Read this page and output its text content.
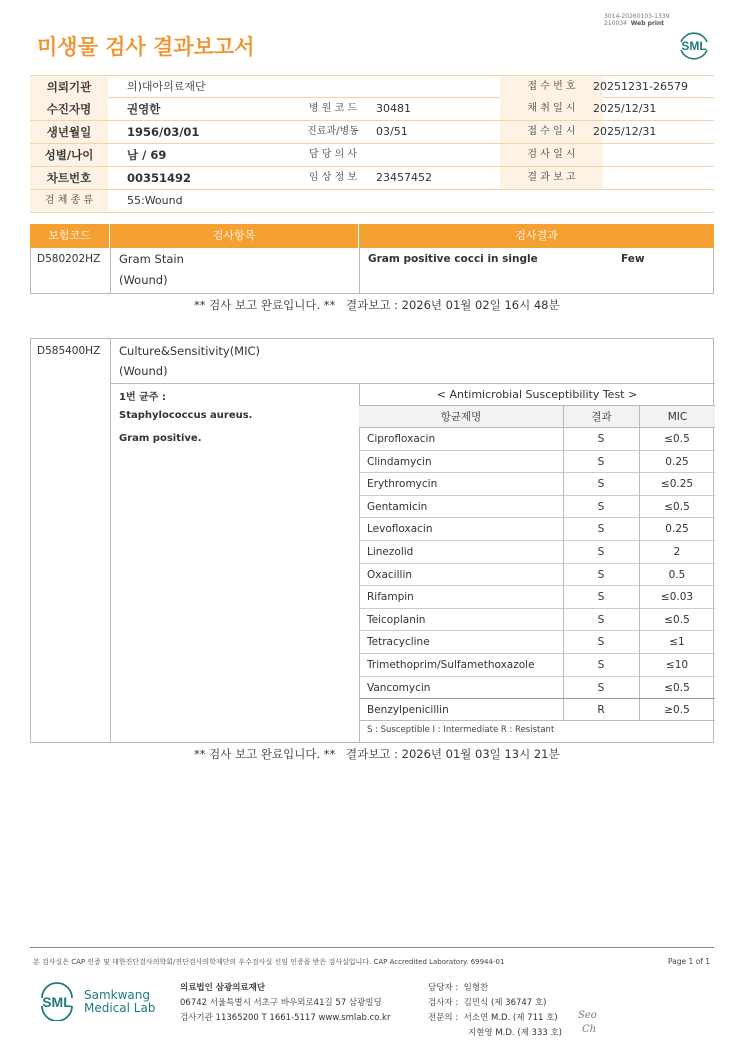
3014-20260103-1339
210034 Web print
미생물 검사 결과보고서	SML
의뢰기관	의)대아의료재단	접 수 번 호	20251231-26579
수진자명	권영한	병 원 코 드	30481	채 취 일 시	2025/12/31
생년월일	1956/03/01	진료과/병동	03/51	접 수 일 시	2025/12/31
성별/나이	남 / 69	담 당 의 사	검 사 일 시
차트번호	00351492	임 상 정 보	23457452	결 과 보 고
검 체 종 류	55:Wound
보험코드	검사항목	검사결과
D580202HZ Gram Stain
(Wound)
Gram positive cocci in single	Few
** 검사 보고 완료입니다. ** 결과보고 : 2026년 01월 02일 16시 48분
D585400HZ Culture&Sensitivity(MIC)
(Wound)
1번 균주 :
Staphylococcus aureus.
Gram positive.
< Antimicrobial Susceptibility Test >
항균제명	결과	MIC
Ciprofloxacin	S	≤0.5
Clindamycin	S	0.25
Erythromycin	S	≤0.25
Gentamicin	S	≤0.5
Levofloxacin	S	0.25
Linezolid	S	2
Oxacillin	S	0.5
Rifampin	S	≤0.03
Teicoplanin	S	≤0.5
Tetracycline	S	≤1
Trimethoprim/Sulfamethoxazole	S	≤10
Vancomycin	S	≤0.5
Benzylpenicillin	R	≥0.5
S : Susceptible I : Intermediate R : Resistant
** 검사 보고 완료입니다. ** 결과보고 : 2026년 01월 03일 13시 21분
본 검사실은 CAP 인증 및 대한진단검사의학회/진단검사의학재단의 우수검사실 신임 인증을 받은 검사실입니다. CAP Accredited Laboratory. 69944-01	Page 1 of 1
SML Samkwang
Medical Lab
의료법인 삼광의료재단
06742 서울특별시 서초구 바우뫼로41길 57 삼광빌딩
검사기관 11365200 T 1661-5117 www.smlab.co.kr
담당자 : 임형찬
검사자 : 김민식 (제 36747 호)
전문의 : 서소연 M.D. (제 711 호)
지현영 M.D. (제 333 호)
Seo
Ch
